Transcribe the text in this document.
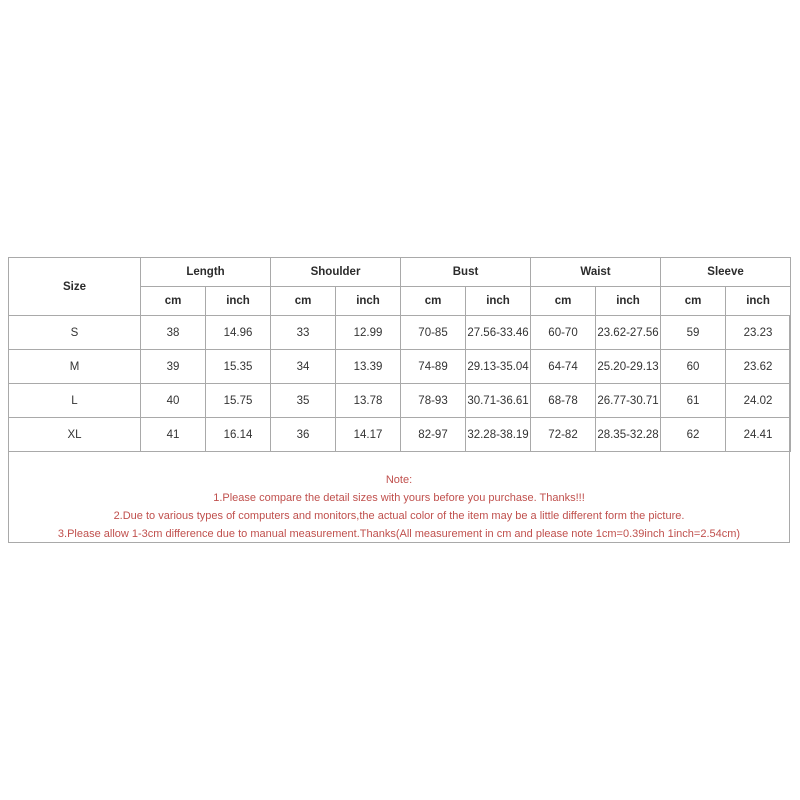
Size	Length		Shoulder		Bust		Waist		Sleeve	
	cm	inch	cm	inch	cm	inch	cm	inch	cm	inch
S	38	14.96	33	12.99	70-85	27.56-33.46	60-70	23.62-27.56	59	23.23
M	39	15.35	34	13.39	74-89	29.13-35.04	64-74	25.20-29.13	60	23.62
L	40	15.75	35	13.78	78-93	30.71-36.61	68-78	26.77-30.71	61	24.02
XL	41	16.14	36	14.17	82-97	32.28-38.19	72-82	28.35-32.28	62	24.41
Note:
1.Please compare the detail sizes with yours before you purchase. Thanks!!!
2.Due to various types of computers and monitors,the actual color of the item may be a little different form the picture.
3.Please allow 1-3cm difference due to manual measurement.Thanks(All measurement in cm and please note 1cm=0.39inch 1inch=2.54cm)
